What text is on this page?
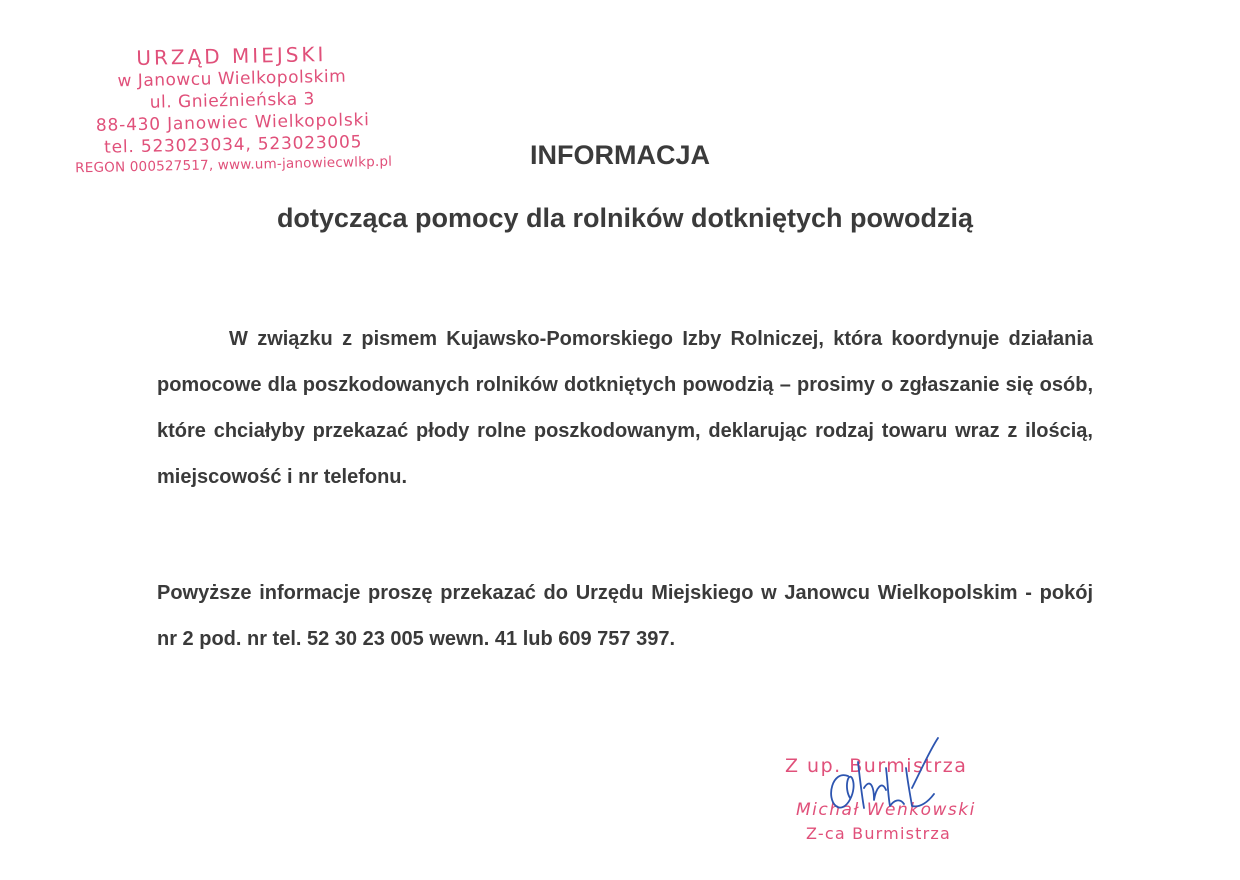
URZĄD MIEJSKI
w Janowcu Wielkopolskim
ul. Gnieźnieńska 3
88-430 Janowiec Wielkopolski
tel. 523023034, 523023005
REGON 000527517, www.um-janowiecwlkp.pl	INFORMACJA
dotycząca pomocy dla rolników dotkniętych powodzią
W związku z pismem Kujawsko-Pomorskiego Izby Rolniczej, która koordynuje działania pomocowe dla poszkodowanych rolników dotkniętych powodzią – prosimy o zgłaszanie się osób, które chciałyby przekazać płody rolne poszkodowanym, deklarując rodzaj towaru wraz z ilością, miejscowość i nr telefonu.
Powyższe informacje proszę przekazać do Urzędu Miejskiego w Janowcu Wielkopolskim - pokój nr 2 pod. nr tel. 52 30 23 005 wewn. 41 lub 609 757 397.
Z up. Burmistrza
Michał Wenkowski
Z-ca Burmistrza
